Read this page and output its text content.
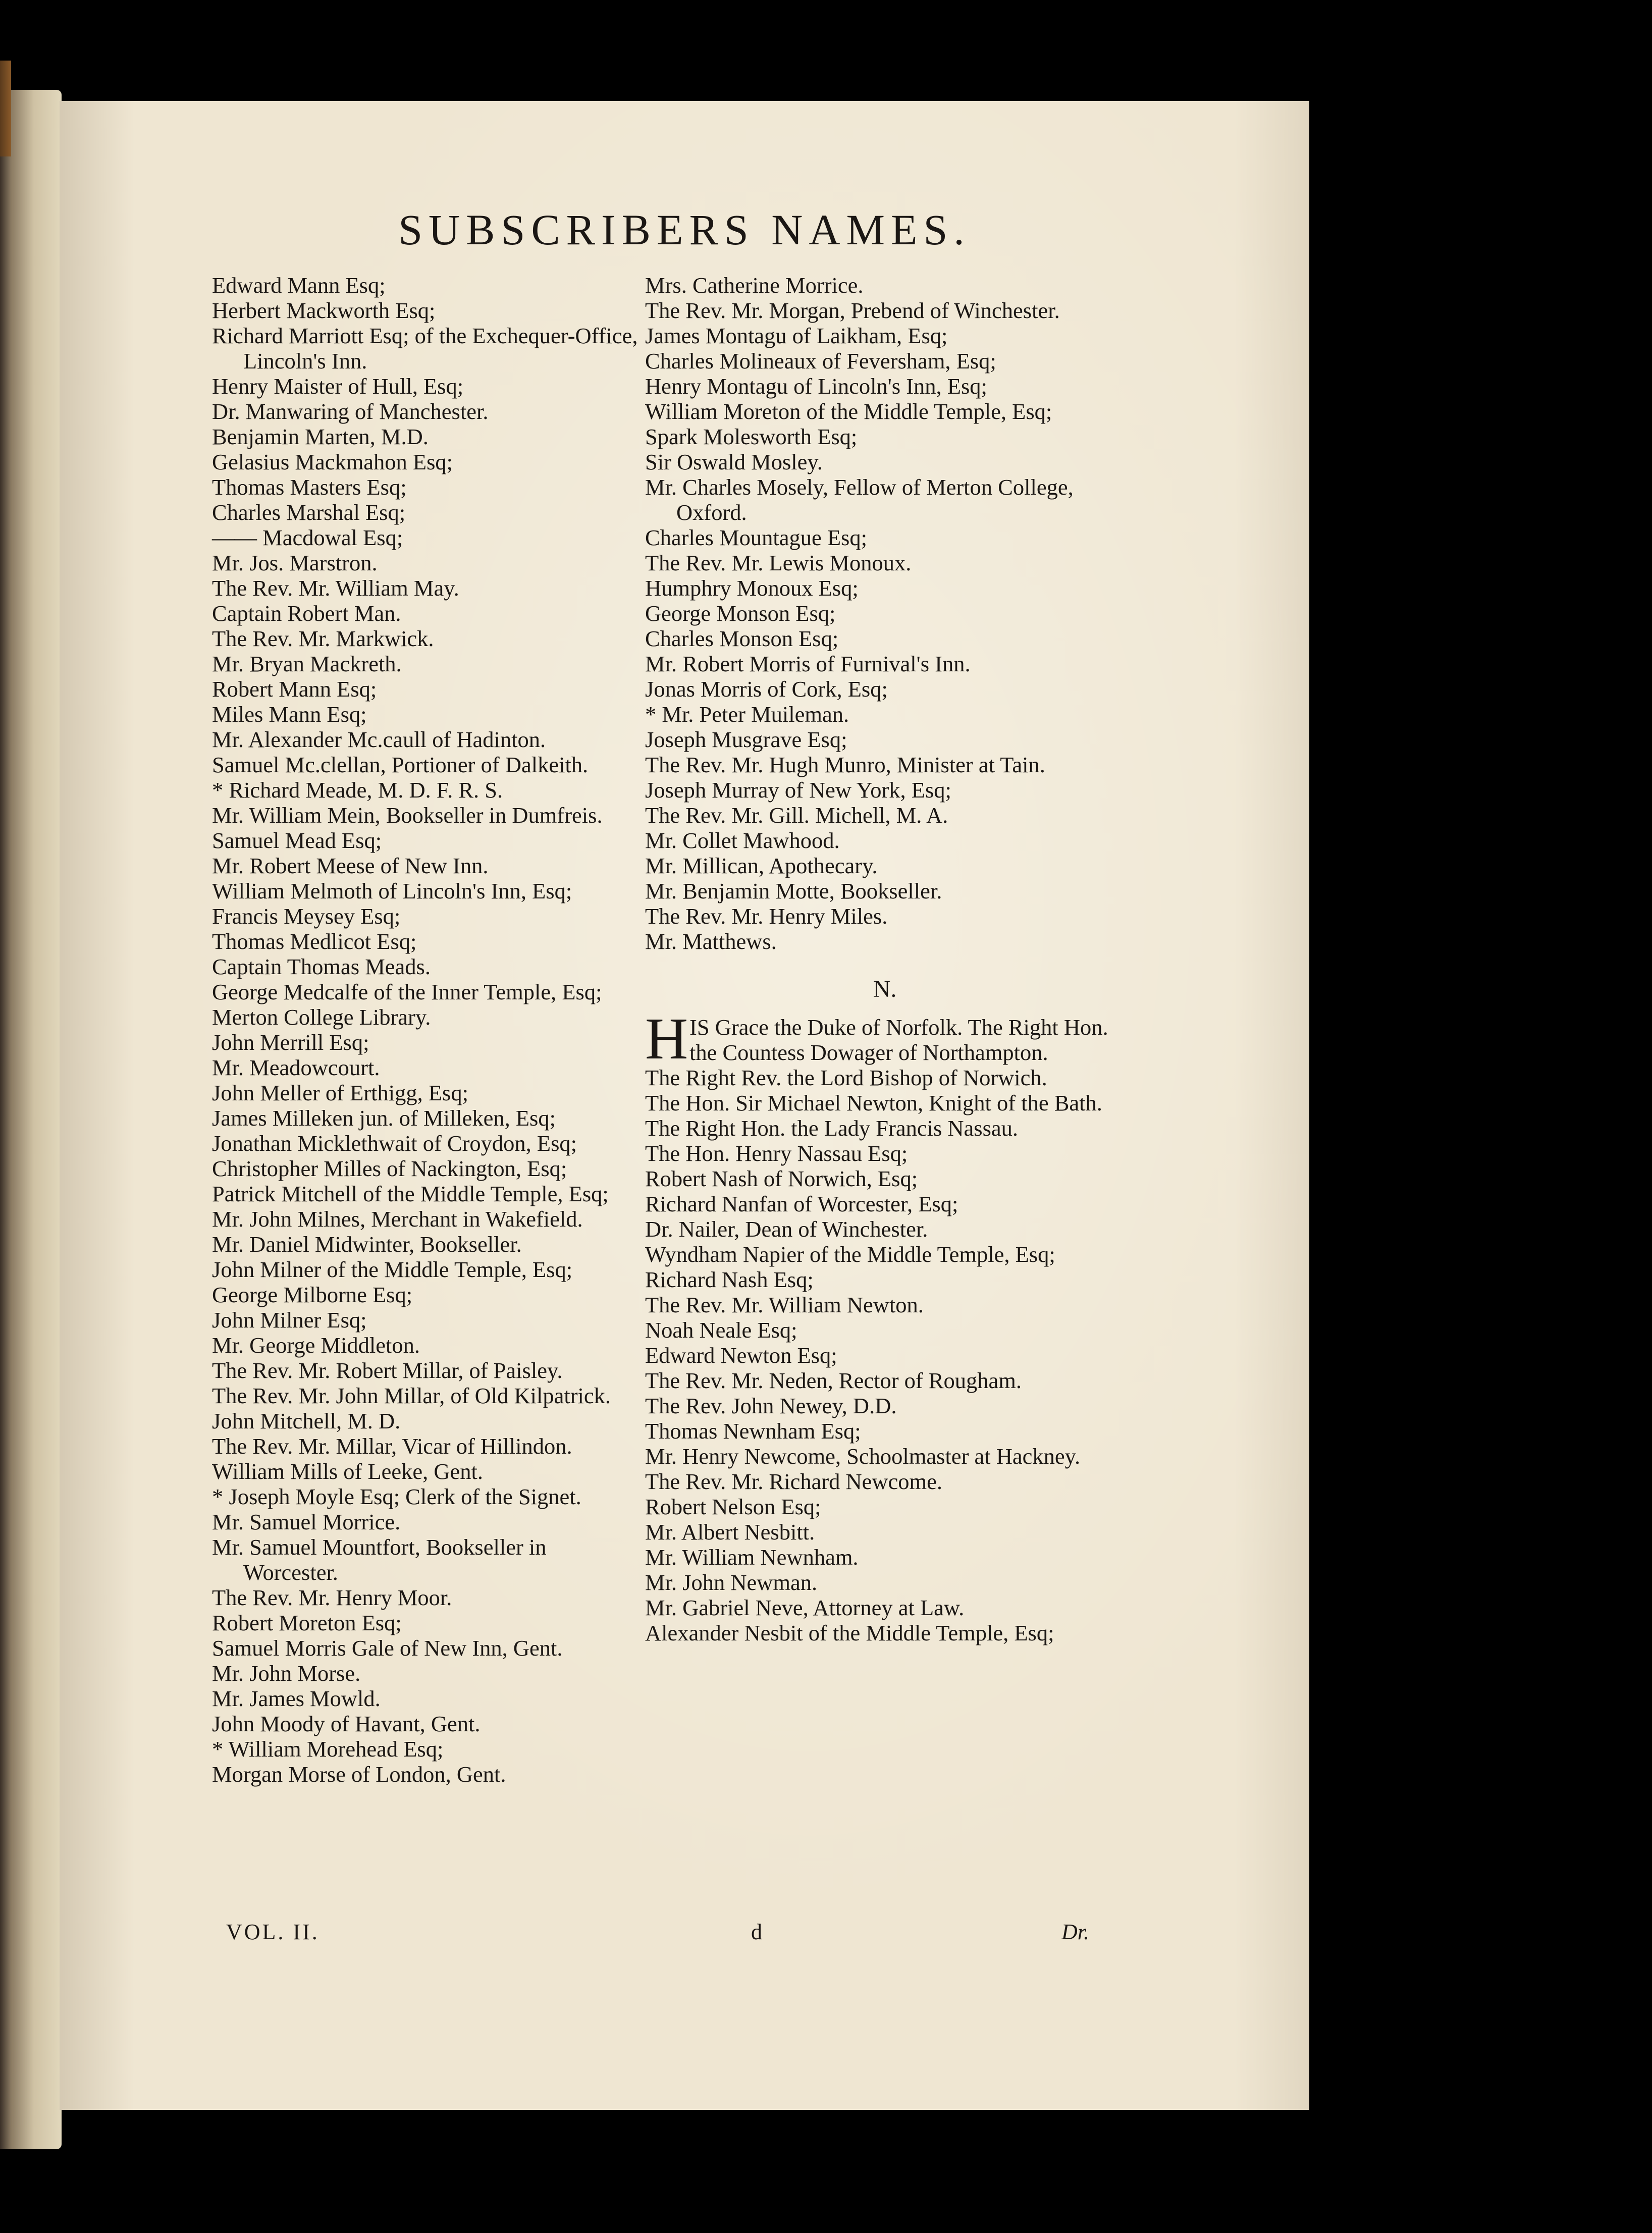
SUBSCRIBERS NAMES.
Edward Mann Esq;
Herbert Mackworth Esq;
Richard Marriott Esq; of the Exchequer-Office, Lincoln's Inn.
Henry Maister of Hull, Esq;
Dr. Manwaring of Manchester.
Benjamin Marten, M.D.
Gelasius Mackmahon Esq;
Thomas Masters Esq;
Charles Marshal Esq;
—— Macdowal Esq;
Mr. Jos. Marstron.
The Rev. Mr. William May.
Captain Robert Man.
The Rev. Mr. Markwick.
Mr. Bryan Mackreth.
Robert Mann Esq;
Miles Mann Esq;
Mr. Alexander Mc.caull of Hadinton.
Samuel Mc.clellan, Portioner of Dalkeith.
* Richard Meade, M. D. F. R. S.
Mr. William Mein, Bookseller in Dumfreis.
Samuel Mead Esq;
Mr. Robert Meese of New Inn.
William Melmoth of Lincoln's Inn, Esq;
Francis Meysey Esq;
Thomas Medlicot Esq;
Captain Thomas Meads.
George Medcalfe of the Inner Temple, Esq;
Merton College Library.
John Merrill Esq;
Mr. Meadowcourt.
John Meller of Erthigg, Esq;
James Milleken jun. of Milleken, Esq;
Jonathan Micklethwait of Croydon, Esq;
Christopher Milles of Nackington, Esq;
Patrick Mitchell of the Middle Temple, Esq;
Mr. John Milnes, Merchant in Wakefield.
Mr. Daniel Midwinter, Bookseller.
John Milner of the Middle Temple, Esq;
George Milborne Esq;
John Milner Esq;
Mr. George Middleton.
The Rev. Mr. Robert Millar, of Paisley.
The Rev. Mr. John Millar, of Old Kilpatrick.
John Mitchell, M. D.
The Rev. Mr. Millar, Vicar of Hillindon.
William Mills of Leeke, Gent.
* Joseph Moyle Esq; Clerk of the Signet.
Mr. Samuel Morrice.
Mr. Samuel Mountfort, Bookseller in Worcester.
The Rev. Mr. Henry Moor.
Robert Moreton Esq;
Samuel Morris Gale of New Inn, Gent.
Mr. John Morse.
Mr. James Mowld.
John Moody of Havant, Gent.
* William Morehead Esq;
Morgan Morse of London, Gent.
Mrs. Catherine Morrice.
The Rev. Mr. Morgan, Prebend of Winchester.
James Montagu of Laikham, Esq;
Charles Molineaux of Feversham, Esq;
Henry Montagu of Lincoln's Inn, Esq;
William Moreton of the Middle Temple, Esq;
Spark Molesworth Esq;
Sir Oswald Mosley.
Mr. Charles Mosely, Fellow of Merton College, Oxford.
Charles Mountague Esq;
The Rev. Mr. Lewis Monoux.
Humphry Monoux Esq;
George Monson Esq;
Charles Monson Esq;
Mr. Robert Morris of Furnival's Inn.
Jonas Morris of Cork, Esq;
* Mr. Peter Muileman.
Joseph Musgrave Esq;
The Rev. Mr. Hugh Munro, Minister at Tain.
Joseph Murray of New York, Esq;
The Rev. Mr. Gill. Michell, M. A.
Mr. Collet Mawhood.
Mr. Millican, Apothecary.
Mr. Benjamin Motte, Bookseller.
The Rev. Mr. Henry Miles.
Mr. Matthews.
N.
H IS Grace the Duke of Norfolk. The Right Hon. the Countess Dowager of Northampton.
The Right Rev. the Lord Bishop of Norwich.
The Hon. Sir Michael Newton, Knight of the Bath.
The Right Hon. the Lady Francis Nassau.
The Hon. Henry Nassau Esq;
Robert Nash of Norwich, Esq;
Richard Nanfan of Worcester, Esq;
Dr. Nailer, Dean of Winchester.
Wyndham Napier of the Middle Temple, Esq;
Richard Nash Esq;
The Rev. Mr. William Newton.
Noah Neale Esq;
Edward Newton Esq;
The Rev. Mr. Neden, Rector of Rougham.
The Rev. John Newey, D.D.
Thomas Newnham Esq;
Mr. Henry Newcome, Schoolmaster at Hackney.
The Rev. Mr. Richard Newcome.
Robert Nelson Esq;
Mr. Albert Nesbitt.
Mr. William Newnham.
Mr. John Newman.
Mr. Gabriel Neve, Attorney at Law.
Alexander Nesbit of the Middle Temple, Esq;
VOL. II.	d	Dr.
